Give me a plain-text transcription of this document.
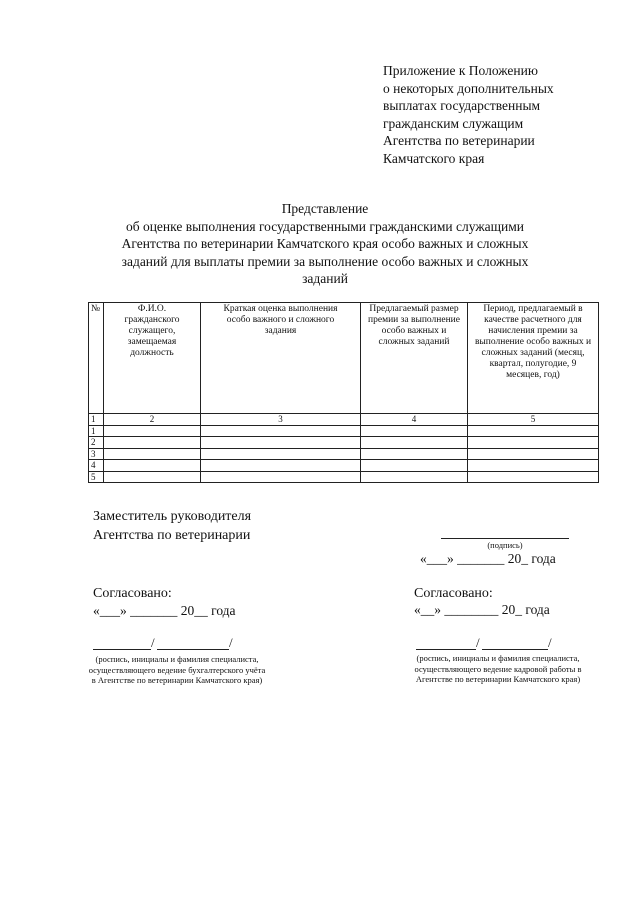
Приложение к Положению
о некоторых дополнительных
выплатах государственным
гражданским служащим
Агентства по ветеринарии
Камчатского края
Представление
об оценке выполнения государственными гражданскими служащими
Агентства по ветеринарии Камчатского края особо важных и сложных
заданий для выплаты премии за выполнение особо важных и сложных
заданий
№	Ф.И.О. гражданского служащего, замещаемая должность	Краткая оценка выполнения особо важного и сложного задания	Предлагаемый размер премии за выполнение особо важных и сложных заданий	Период, предлагаемый в качестве расчетного для начисления премии за выполнение особо важных и сложных заданий (месяц, квартал, полугодие, 9 месяцев, год)
1	2	3	4	5
1				
2				
3				
4				
5				
Заместитель руководителя
Агентства по ветеринарии
(подпись)
«___» _______ 20_ года
Согласовано:
«___» _______ 20__ года
/	/
(роспись, инициалы и фамилия специалиста, осуществляющего ведение бухгалтерского учёта в Агентстве по ветеринарии Камчатского края)
Согласовано:
«__» ________ 20_ года
/	/
(роспись, инициалы и фамилия специалиста, осуществляющего ведение кадровой работы в Агентстве по ветеринарии Камчатского края)
